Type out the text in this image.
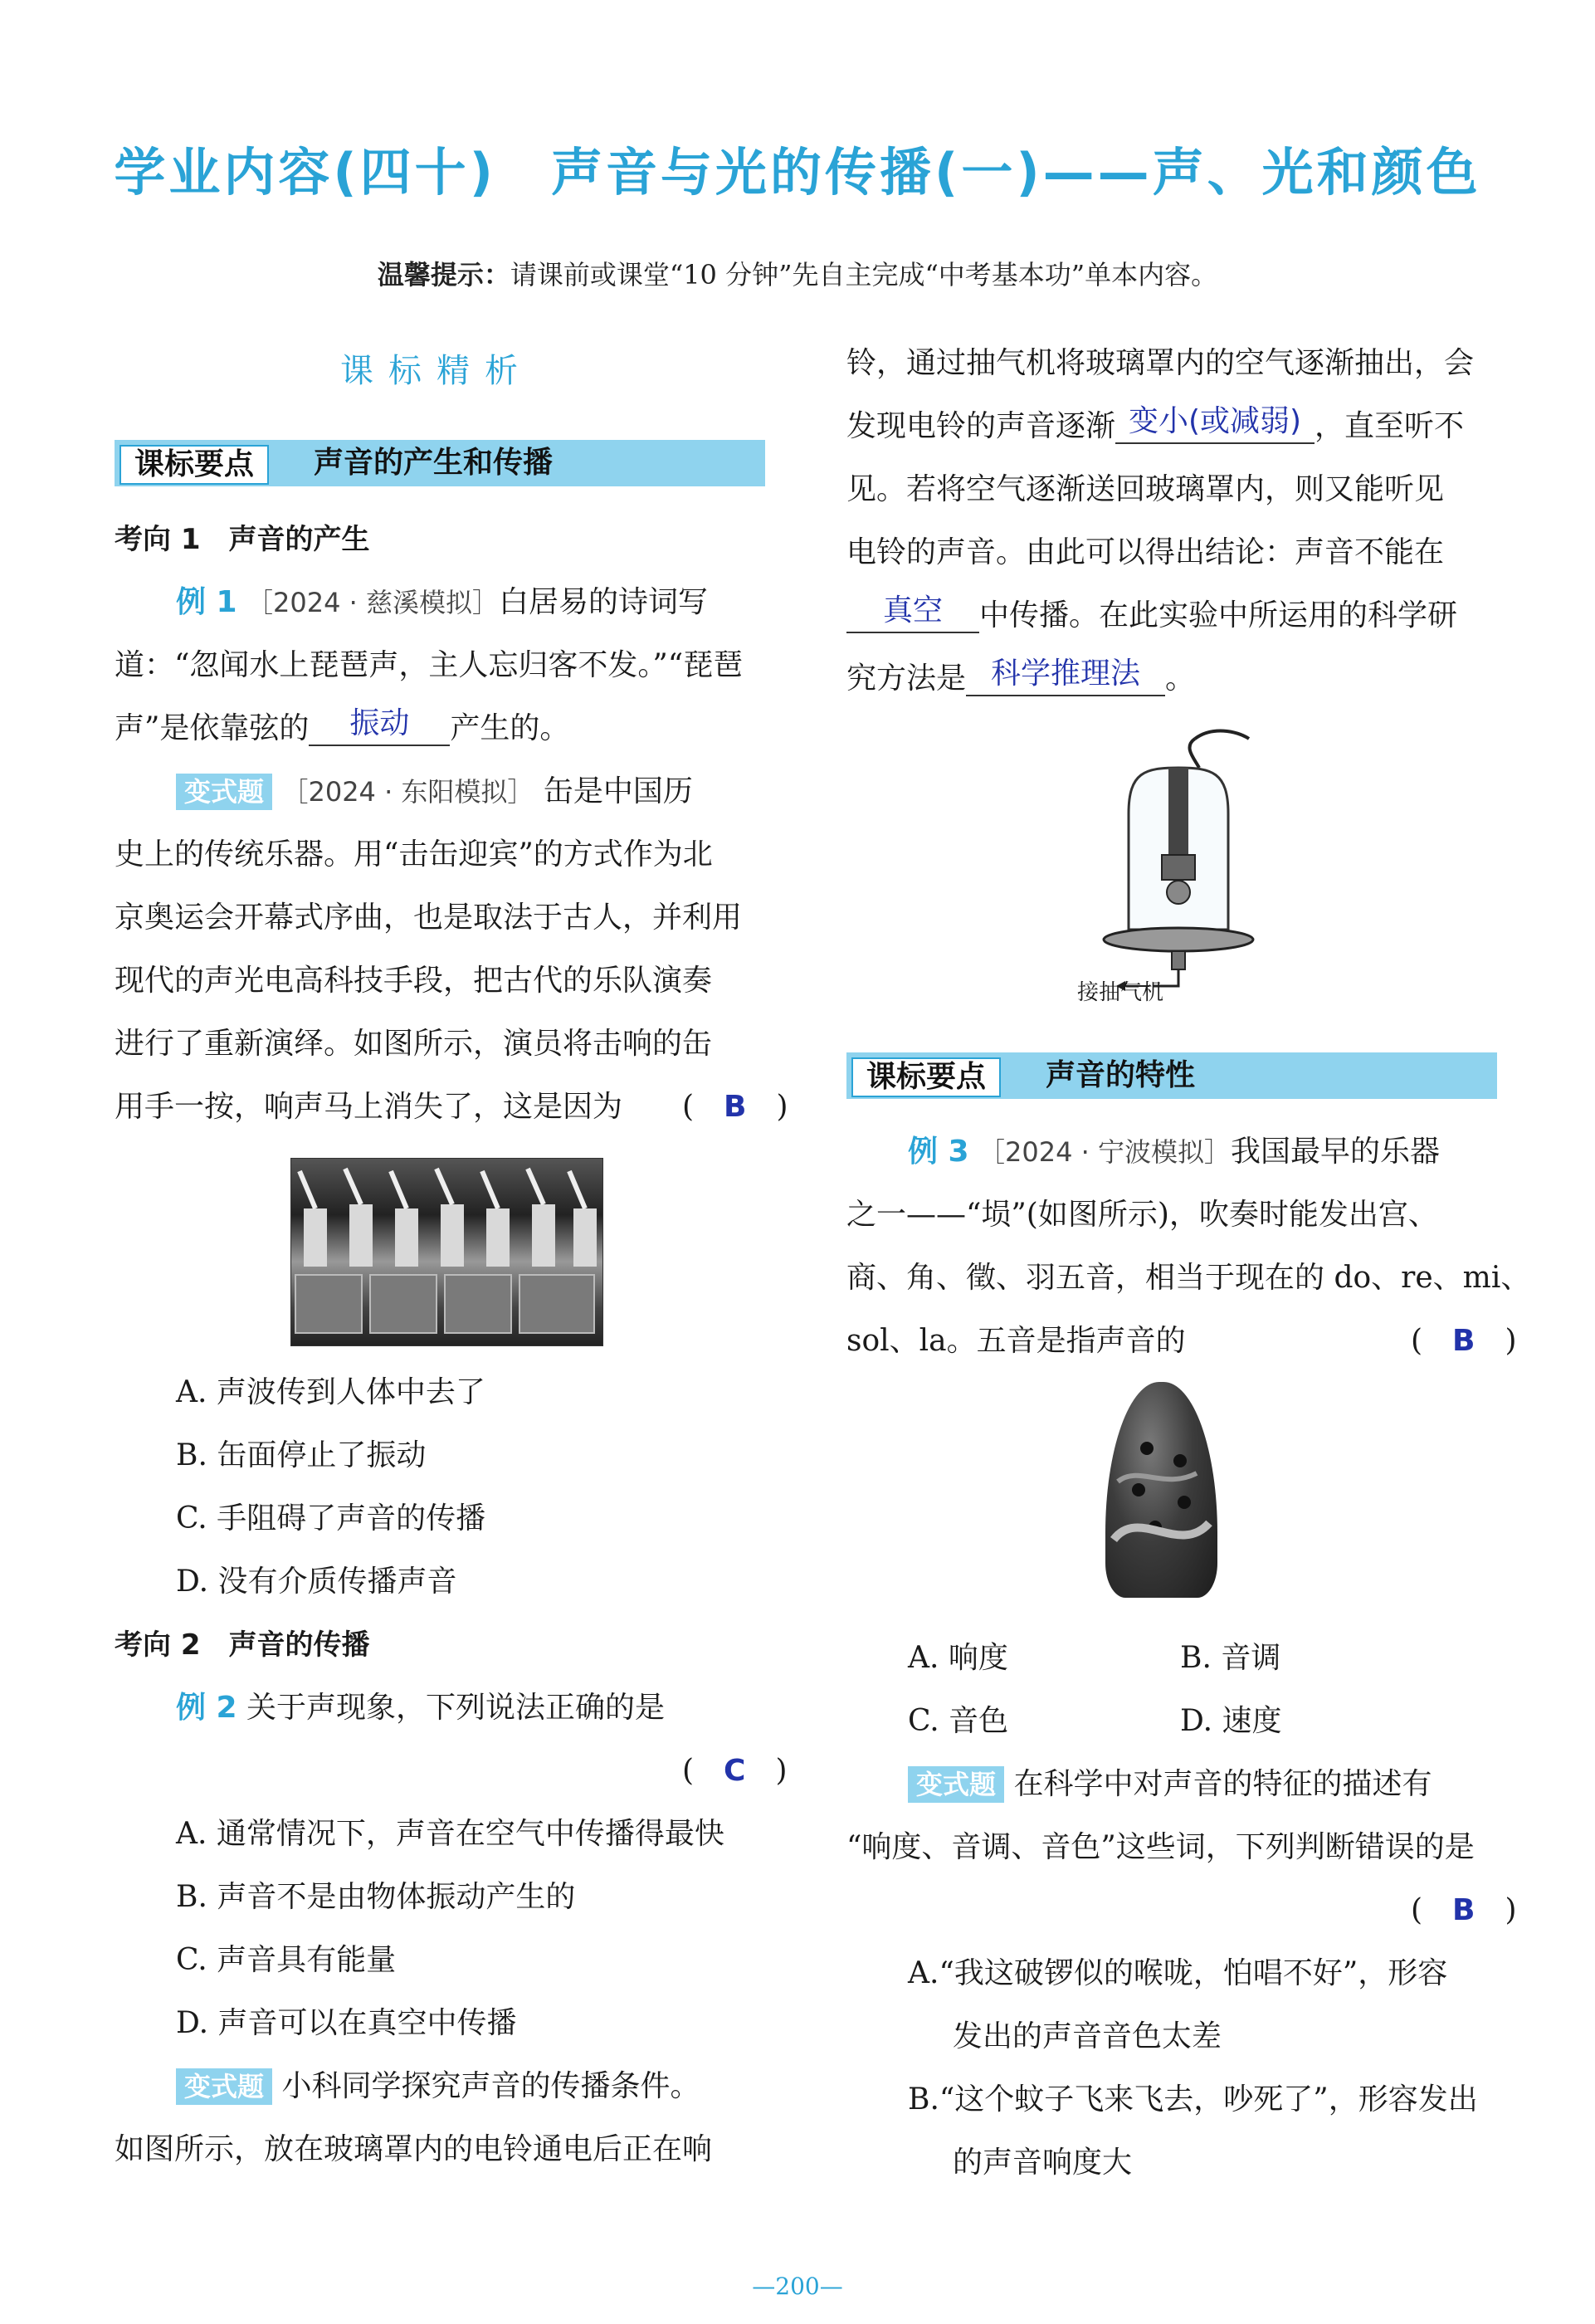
学业内容(四十)　声音与光的传播(一)——声、光和颜色
温馨提示：请课前或课堂“10 分钟”先自主完成“中考基本功”单本内容。
课标精析
课标要点	声音的产生和传播
考向 1　声音的产生
例 1 ［2024 · 慈溪模拟］白居易的诗词写
道：“忽闻水上琵琶声，主人忘归客不发。”“琵琶
声”是依靠弦的 振动 产生的。
变式题 ［2024 · 东阳模拟］ 缶是中国历
史上的传统乐器。用“击缶迎宾”的方式作为北
京奥运会开幕式序曲，也是取法于古人，并利用
现代的声光电高科技手段，把古代的乐队演奏
进行了重新演绎。如图所示，演员将击响的缶
用手一按，响声马上消失了，这是因为 (　B　)
A. 声波传到人体中去了
B. 缶面停止了振动
C. 手阻碍了声音的传播
D. 没有介质传播声音
考向 2　声音的传播
例 2 关于声现象，下列说法正确的是
(　C　)
A. 通常情况下，声音在空气中传播得最快
B. 声音不是由物体振动产生的
C. 声音具有能量
D. 声音可以在真空中传播
变式题 小科同学探究声音的传播条件。
如图所示，放在玻璃罩内的电铃通电后正在响
铃，通过抽气机将玻璃罩内的空气逐渐抽出，会
发现电铃的声音逐渐 变小(或减弱) ，直至听不
见。若将空气逐渐送回玻璃罩内，则又能听见
电铃的声音。由此可以得出结论：声音不能在
真空 中传播。在此实验中所运用的科学研
究方法是 科学推理法 。
接抽气机
课标要点	声音的特性
例 3 ［2024 · 宁波模拟］我国最早的乐器
之一——“埙”(如图所示)，吹奏时能发出宫、
商、角、徵、羽五音，相当于现在的 do、re、mi、
sol、la。五音是指声音的	(　B　)
A. 响度	B. 音调
C. 音色	D. 速度
变式题 在科学中对声音的特征的描述有
“响度、音调、音色”这些词，下列判断错误的是
(　B　)
A.“我这破锣似的喉咙，怕唱不好”，形容
发出的声音音色太差
B.“这个蚊子飞来飞去，吵死了”，形容发出
的声音响度大
—200—
